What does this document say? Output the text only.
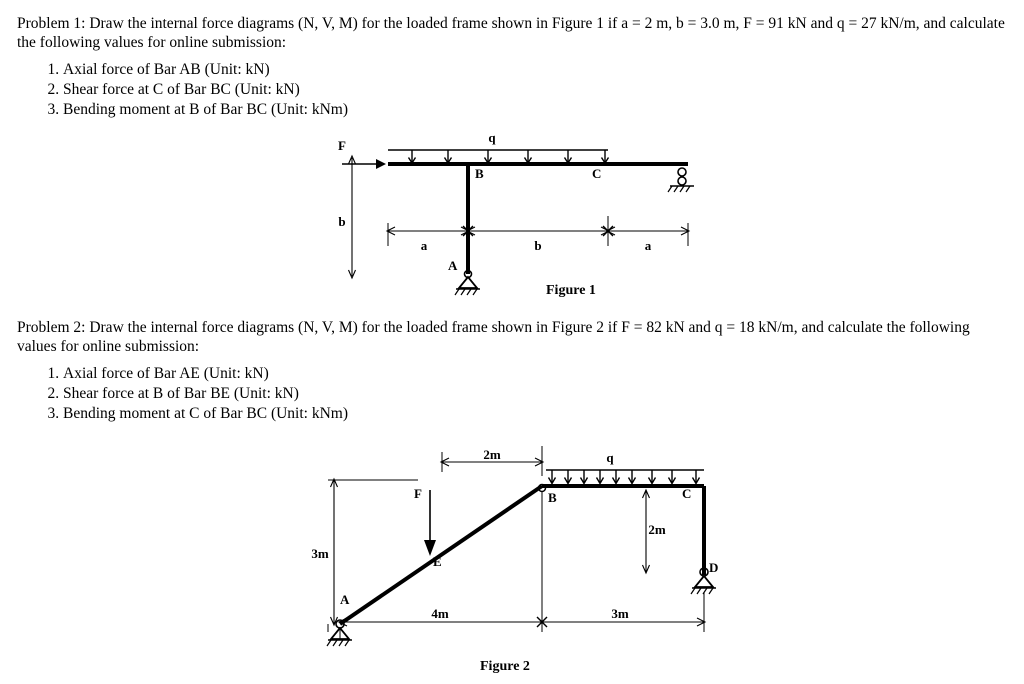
Problem 1: Draw the internal force diagrams (N, V, M) for the loaded frame shown in Figure 1 if a = 2 m, b = 3.0 m, F = 91 kN and q = 27 kN/m, and calculate the following values for online submission:
1. Axial force of Bar AB (Unit: kN)
2. Shear force at C of Bar BC (Unit: kN)
3. Bending moment at B of Bar BC (Unit: kNm)
q
F
b
B	C
A
a	b	a
Figure 1
Problem 2: Draw the internal force diagrams (N, V, M) for the loaded frame shown in Figure 2 if F = 82 kN and q = 18 kN/m, and calculate the following values for online submission:
1. Axial force of Bar AE (Unit: kN)
2. Shear force at B of Bar BE (Unit: kN)
3. Bending moment at C of Bar BC (Unit: kNm)
q
F	B	C
D
E
A
2m
3m
2m
4m	3m
Figure 2
